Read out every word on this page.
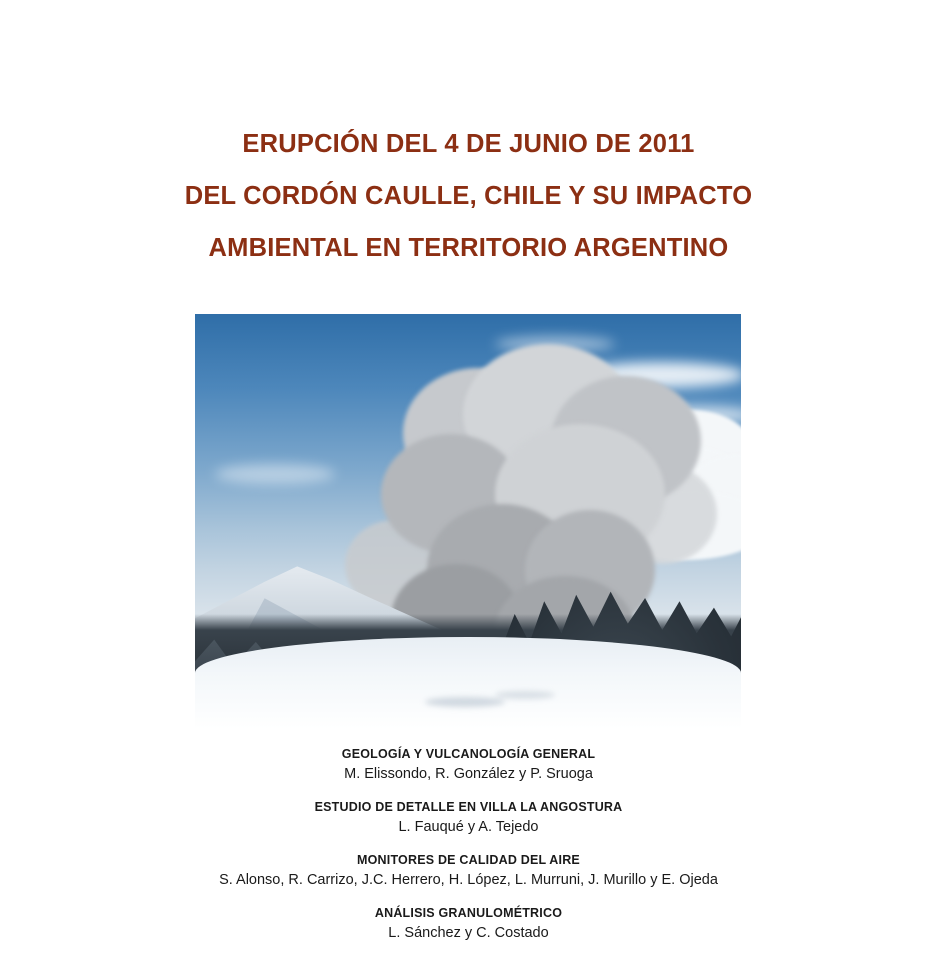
ERUPCIÓN DEL 4 DE JUNIO DE 2011
DEL CORDÓN CAULLE, CHILE Y SU IMPACTO
AMBIENTAL EN TERRITORIO ARGENTINO
GEOLOGÍA Y VULCANOLOGÍA GENERAL
M. Elissondo, R. González y P. Sruoga
ESTUDIO DE DETALLE EN VILLA LA ANGOSTURA
L. Fauqué y A. Tejedo
MONITORES DE CALIDAD DEL AIRE
S. Alonso, R. Carrizo, J.C. Herrero, H. López, L. Murruni, J. Murillo y E. Ojeda
ANÁLISIS GRANULOMÉTRICO
L. Sánchez y C. Costado
